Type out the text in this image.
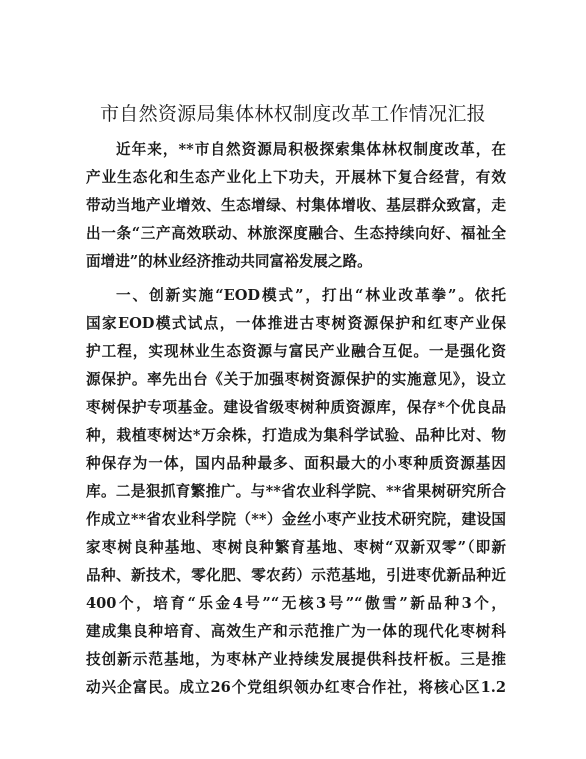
市自然资源局集体林权制度改革工作情况汇报
近年来，**市自然资源局积极探索集体林权制度改革，在
产业生态化和生态产业化上下功夫，开展林下复合经营，有效
带动当地产业增效、生态增绿、村集体增收、基层群众致富，走
出一条“三产高效联动、林旅深度融合、生态持续向好、福祉全
面增进”的林业经济推动共同富裕发展之路。
一、创新实施“EOD模式”，打出“林业改革拳”。依托
国家EOD模式试点，一体推进古枣树资源保护和红枣产业保
护工程，实现林业生态资源与富民产业融合互促。一是强化资
源保护。率先出台《关于加强枣树资源保护的实施意见》，设立
枣树保护专项基金。建设省级枣树种质资源库，保存*个优良品
种，栽植枣树达*万余株，打造成为集科学试验、品种比对、物
种保存为一体，国内品种最多、面积最大的小枣种质资源基因
库。二是狠抓育繁推广。与**省农业科学院、**省果树研究所合
作成立**省农业科学院（**）金丝小枣产业技术研究院，建设国
家枣树良种基地、枣树良种繁育基地、枣树“双新双零”（即新
品种、新技术，零化肥、零农药）示范基地，引进枣优新品种近
400个，培育“乐金4号”“无核3号”“傲雪”新品种3个，
建成集良种培育、高效生产和示范推广为一体的现代化枣树科
技创新示范基地，为枣林产业持续发展提供科技杆板。三是推
动兴企富民。成立26个党组织领办红枣合作社，将核心区1.2
